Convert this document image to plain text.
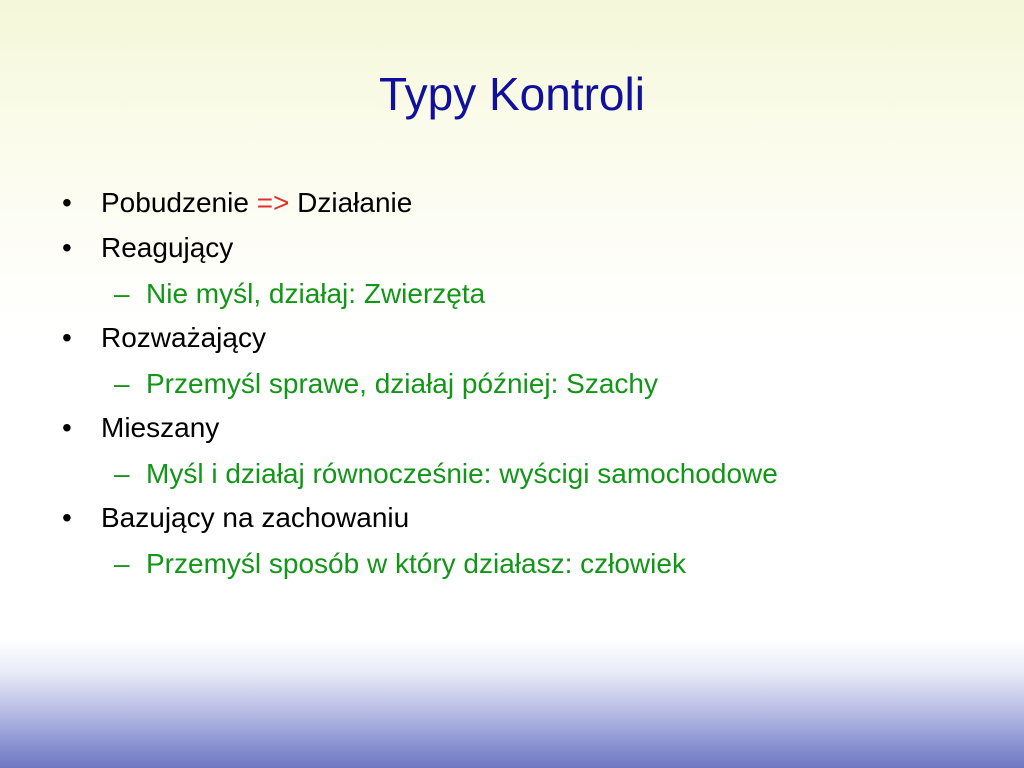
Typy Kontroli
• Pobudzenie => Działanie
• Reagujący
– Nie myśl, działaj: Zwierzęta
• Rozważający
– Przemyśl sprawe, działaj później: Szachy
• Mieszany
– Myśl i działaj równocześnie: wyścigi samochodowe
• Bazujący na zachowaniu
– Przemyśl sposób w który działasz: człowiek
